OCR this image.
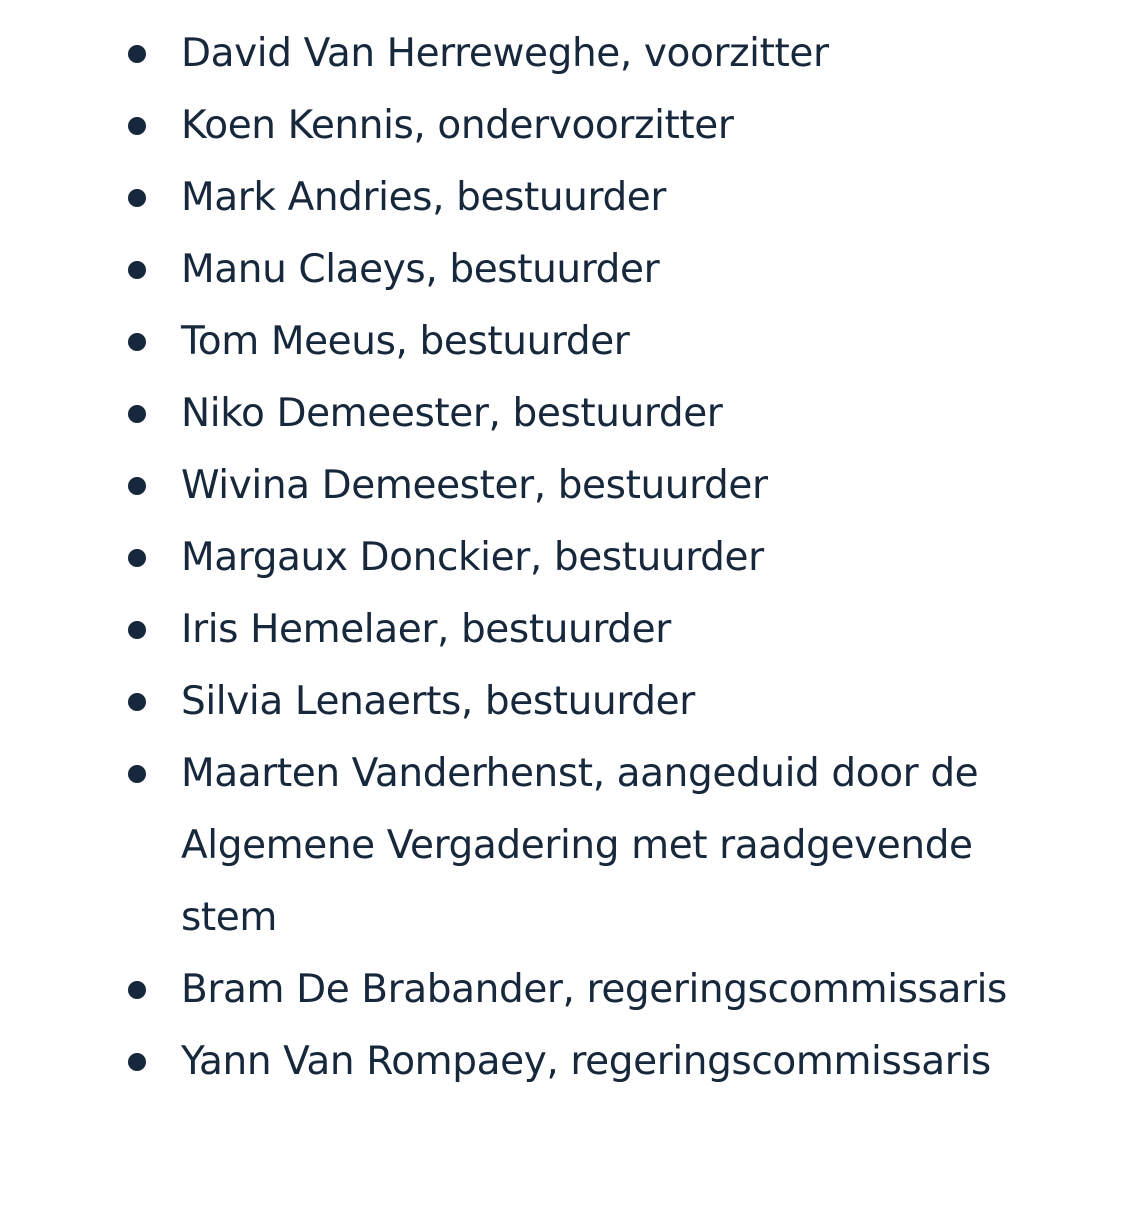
David Van Herreweghe, voorzitter
Koen Kennis, ondervoorzitter
Mark Andries, bestuurder
Manu Claeys, bestuurder
Tom Meeus, bestuurder
Niko Demeester, bestuurder
Wivina Demeester, bestuurder
Margaux Donckier, bestuurder
Iris Hemelaer, bestuurder
Silvia Lenaerts, bestuurder
Maarten Vanderhenst, aangeduid door de Algemene Vergadering met raadgevende stem
Bram De Brabander, regeringscommissaris
Yann Van Rompaey, regeringscommissaris
